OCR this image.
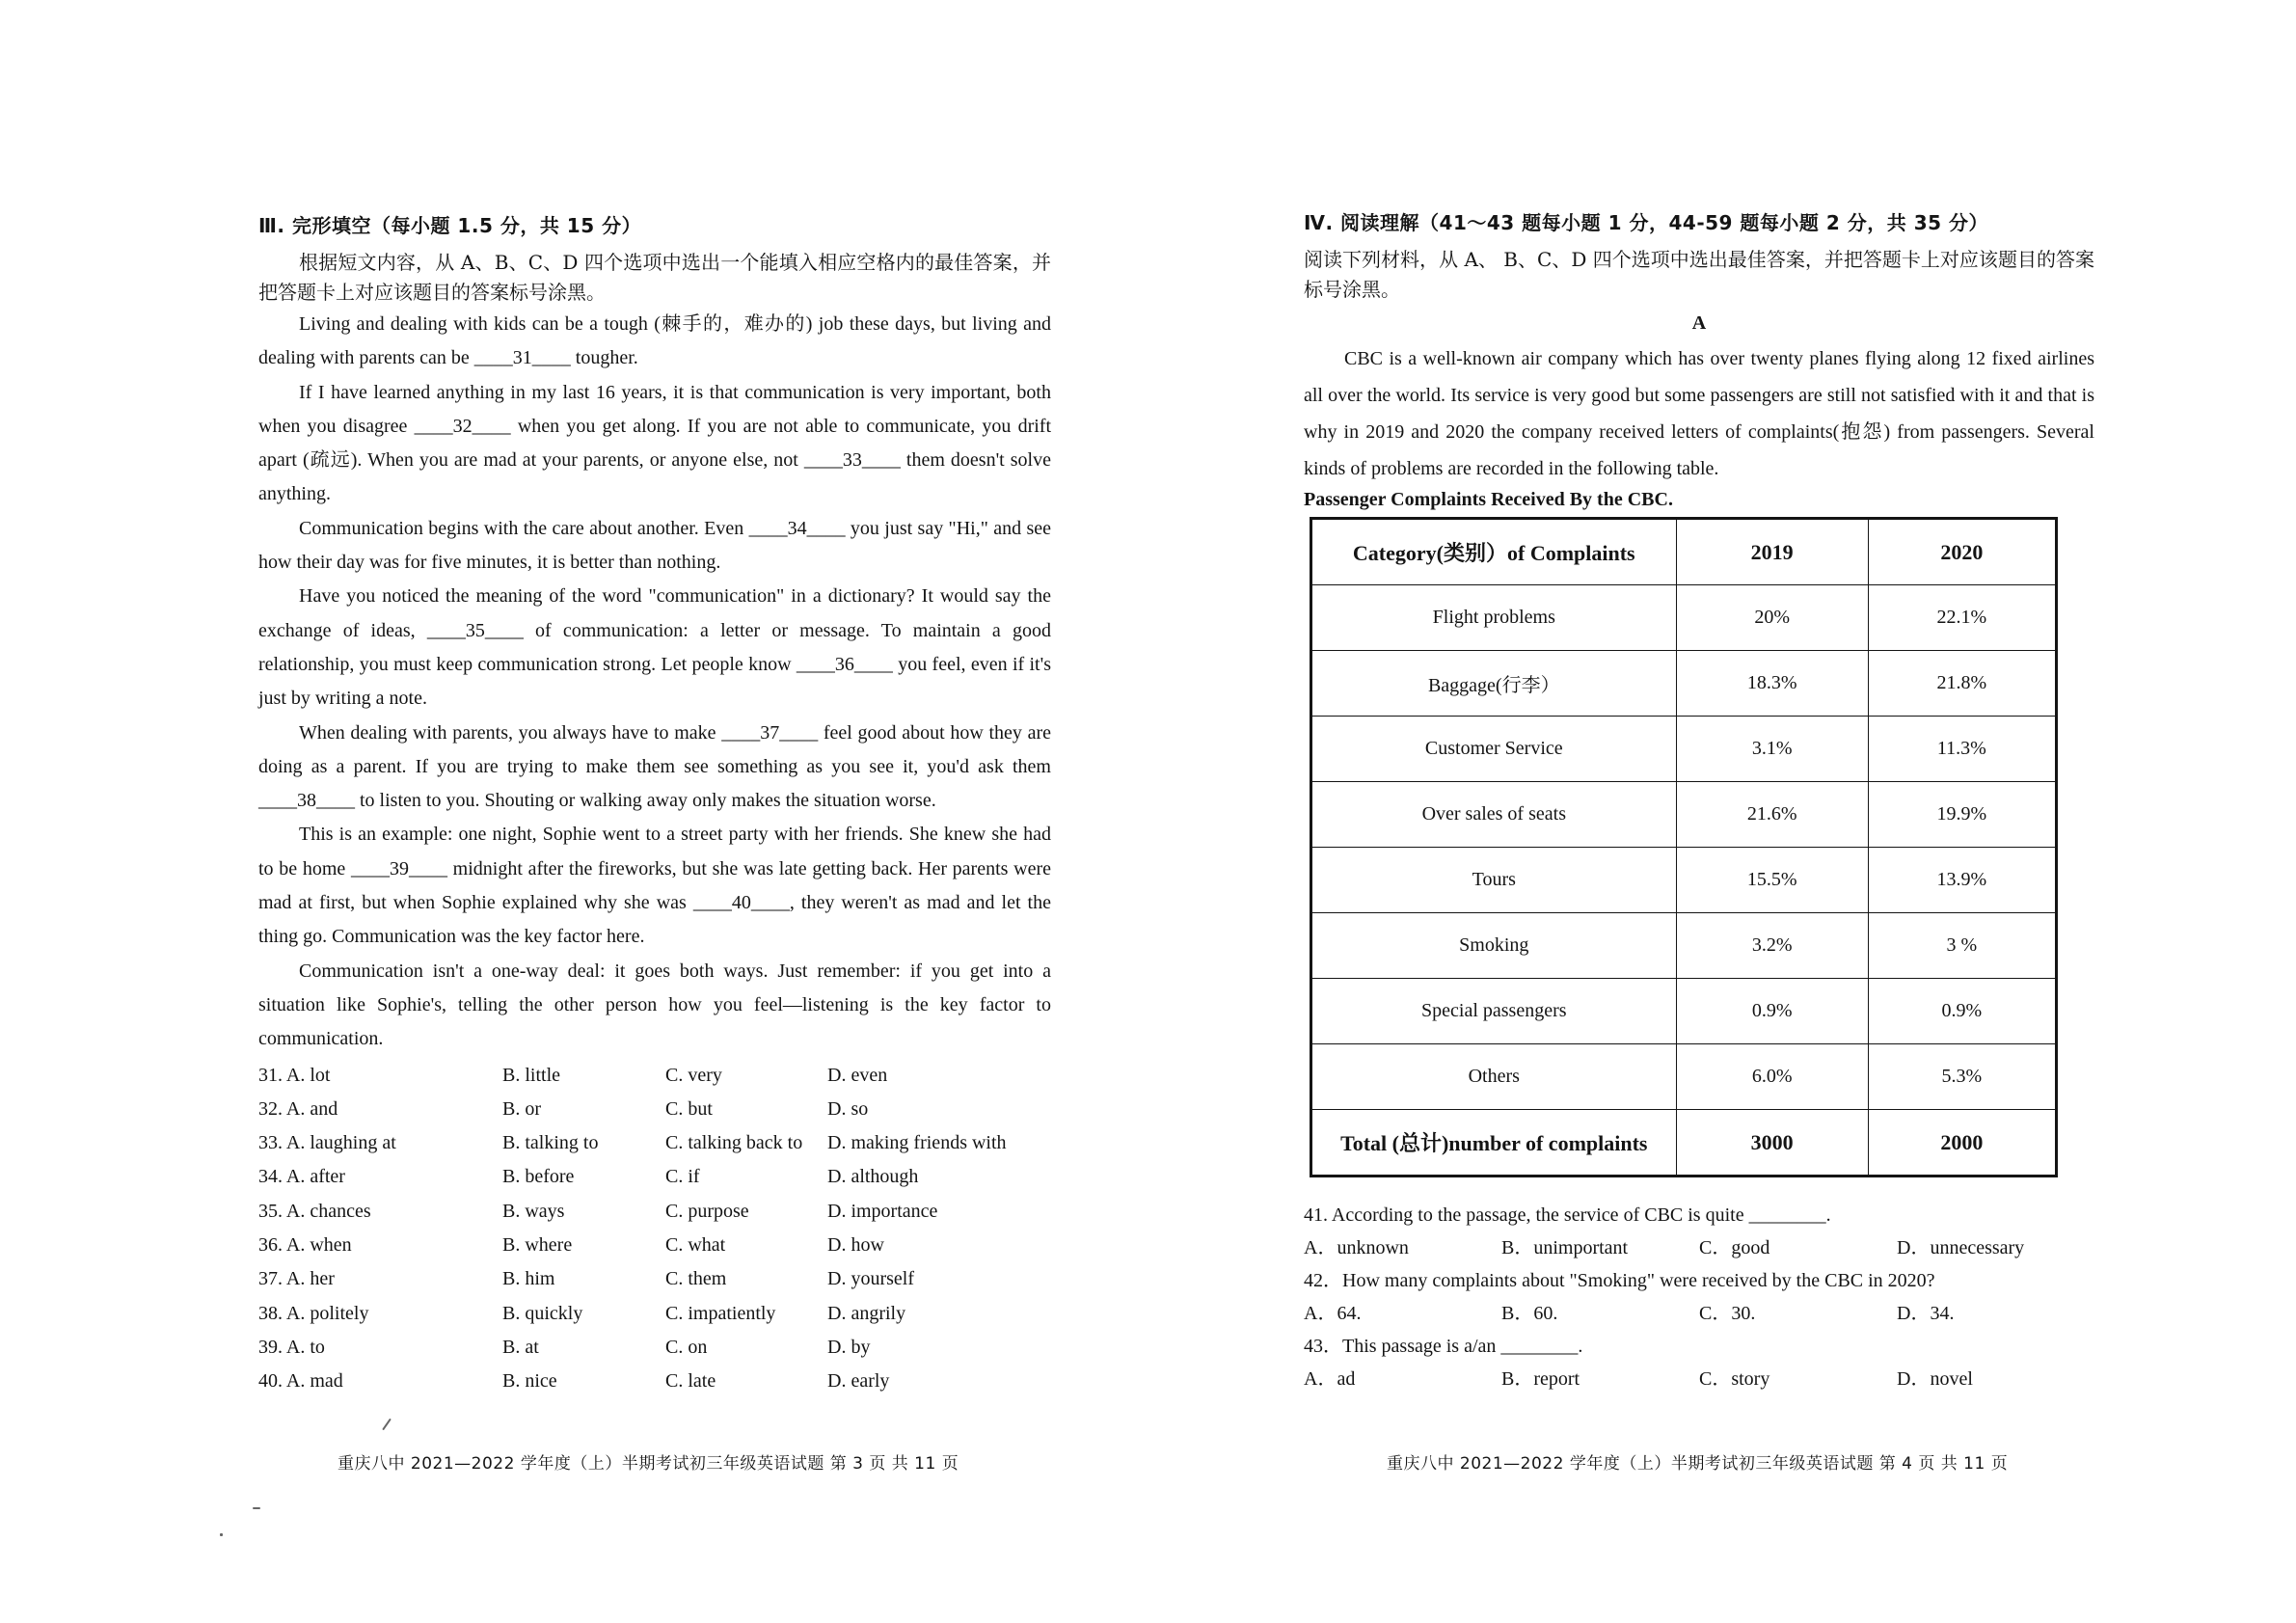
Ⅲ. 完形填空（每小题 1.5 分，共 15 分）
根据短文内容，从 A、B、C、D 四个选项中选出一个能填入相应空格内的最佳答案，并把答题卡上对应该题目的答案标号涂黑。
Living and dealing with kids can be a tough (棘手的，难办的) job these days, but living and dealing with parents can be ____31____ tougher.
If I have learned anything in my last 16 years, it is that communication is very important, both when you disagree ____32____ when you get along. If you are not able to communicate, you drift apart (疏远). When you are mad at your parents, or anyone else, not ____33____ them doesn't solve anything.
Communication begins with the care about another. Even ____34____ you just say "Hi," and see how their day was for five minutes, it is better than nothing.
Have you noticed the meaning of the word "communication" in a dictionary? It would say the exchange of ideas, ____35____ of communication: a letter or message. To maintain a good relationship, you must keep communication strong. Let people know ____36____ you feel, even if it's just by writing a note.
When dealing with parents, you always have to make ____37____ feel good about how they are doing as a parent. If you are trying to make them see something as you see it, you'd ask them ____38____ to listen to you. Shouting or walking away only makes the situation worse.
This is an example: one night, Sophie went to a street party with her friends. She knew she had to be home ____39____ midnight after the fireworks, but she was late getting back. Her parents were mad at first, but when Sophie explained why she was ____40____, they weren't as mad and let the thing go. Communication was the key factor here.
Communication isn't a one-way deal: it goes both ways. Just remember: if you get into a situation like Sophie's, telling the other person how you feel—listening is the key factor to communication.
31. A. lot	B. little	C. very	D. even
32. A. and	B. or	C. but	D. so
33. A. laughing at	B. talking to	C. talking back to	D. making friends with
34. A. after	B. before	C. if	D. although
35. A. chances	B. ways	C. purpose	D. importance
36. A. when	B. where	C. what	D. how
37. A. her	B. him	C. them	D. yourself
38. A. politely	B. quickly	C. impatiently	D. angrily
39. A. to	B. at	C. on	D. by
40. A. mad	B. nice	C. late	D. early
重庆八中 2021—2022 学年度（上）半期考试初三年级英语试题 第 3 页 共 11 页
Ⅳ. 阅读理解（41～43 题每小题 1 分，44-59 题每小题 2 分，共 35 分）
阅读下列材料，从 A、 B、C、D 四个选项中选出最佳答案，并把答题卡上对应该题目的答案标号涂黑。
A
CBC is a well-known air company which has over twenty planes flying along 12 fixed airlines all over the world. Its service is very good but some passengers are still not satisfied with it and that is why in 2019 and 2020 the company received letters of complaints(抱怨) from passengers. Several kinds of problems are recorded in the following table.
Passenger Complaints Received By the CBC.
Category(类别）of Complaints	2019	2020
Flight problems	20%	22.1%
Baggage(行李）	18.3%	21.8%
Customer Service	3.1%	11.3%
Over sales of seats	21.6%	19.9%
Tours	15.5%	13.9%
Smoking	3.2%	3 %
Special passengers	0.9%	0.9%
Others	6.0%	5.3%
Total (总计)number of complaints	3000	2000
41. According to the passage, the service of CBC is quite ________.
A．unknown	B．unimportant	C．good	D．unnecessary
42．How many complaints about "Smoking" were received by the CBC in 2020?
A．64.	B．60.	C．30.	D．34.
43．This passage is a/an ________.
A．ad	B．report	C．story	D．novel
重庆八中 2021—2022 学年度（上）半期考试初三年级英语试题 第 4 页 共 11 页
